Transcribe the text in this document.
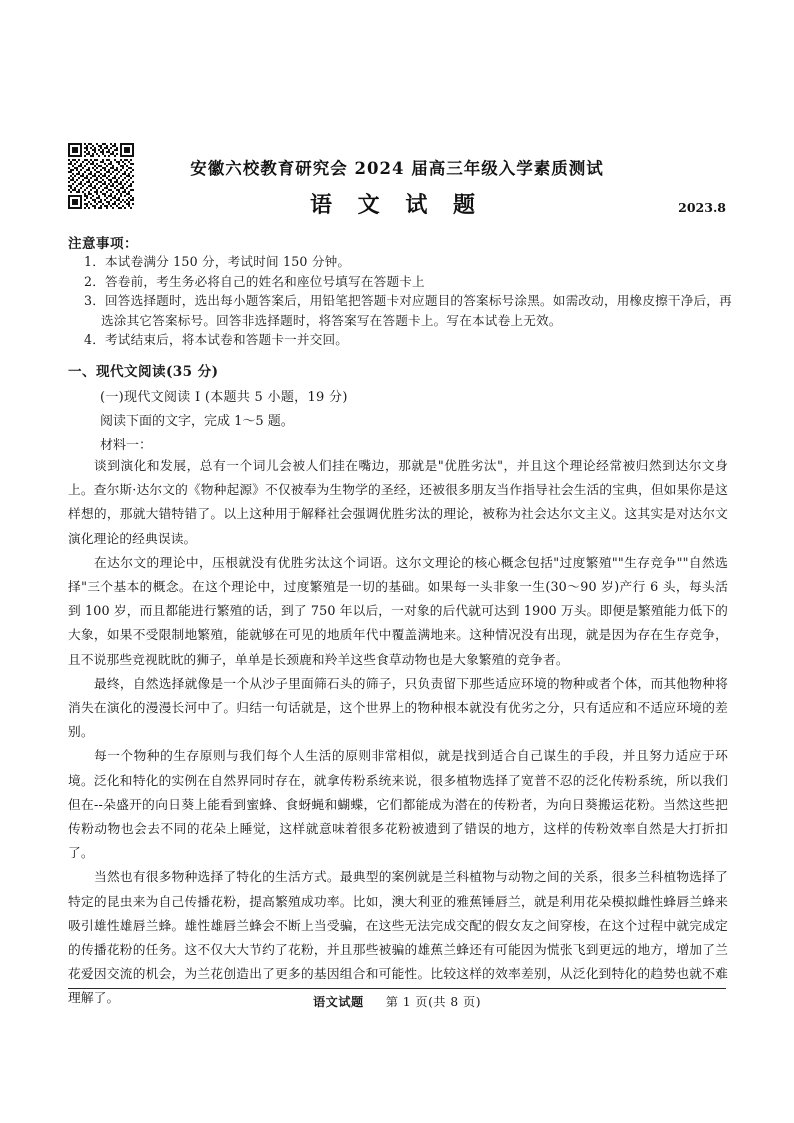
安徽六校教育研究会 2024 届高三年级入学素质测试
语 文 试 题	2023.8
注意事项：
1．本试卷满分 150 分，考试时间 150 分钟。
2．答卷前，考生务必将自己的姓名和座位号填写在答题卡上
3．回答选择题时，选出每小题答案后，用铅笔把答题卡对应题目的答案标号涂黑。如需改动，用橡皮擦干净后，再选涂其它答案标号。回答非选择题时，将答案写在答题卡上。写在本试卷上无效。
4．考试结束后，将本试卷和答题卡一并交回。
一、现代文阅读(35 分)
(一)现代文阅读 I (本题共 5 小题，19 分)
阅读下面的文字，完成 1～5 题。
材料一：

谈到演化和发展，总有一个词儿会被人们挂在嘴边，那就是"优胜劣汰"，并且这个理论经常被归然到达尔文身上。查尔斯·达尔文的《物种起源》不仅被奉为生物学的圣经，还被很多朋友当作指导社会生活的宝典，但如果你是这样想的，那就大错特错了。以上这种用于解释社会强调优胜劣汰的理论，被称为社会达尔文主义。这其实是对达尔文演化理论的经典误读。

在达尔文的理论中，压根就没有优胜劣汰这个词语。这尔文理论的核心概念包括"过度繁殖""生存竞争""自然选择"三个基本的概念。在这个理论中，过度繁殖是一切的基础。如果每一头非象一生(30～90 岁)产行 6 头，每头活到 100 岁，而且都能进行繁殖的话，到了 750 年以后，一对象的后代就可达到 1900 万头。即便是繁殖能力低下的大象，如果不受限制地繁殖，能就够在可见的地质年代中覆盖满地来。这种情况没有出现，就是因为存在生存竞争，且不说那些竞视眈眈的狮子，单单是长颈鹿和羚羊这些食草动物也是大象繁殖的竞争者。

最终，自然选择就像是一个从沙子里面筛石头的筛子，只负责留下那些适应环境的物种或者个体，而其他物种将消失在演化的漫漫长河中了。归结一句话就是，这个世界上的物种根本就没有优劣之分，只有适应和不适应环境的差别。

每一个物种的生存原则与我们每个人生活的原则非常相似，就是找到适合自己谋生的手段，并且努力适应于环境。泛化和特化的实例在自然界同时存在，就拿传粉系统来说，很多植物选择了宽普不忍的泛化传粉系统，所以我们但在--朵盛开的向日葵上能看到蜜蜂、食蚜蝇和蝴蝶，它们都能成为潜在的传粉者，为向日葵搬运花粉。当然这些把传粉动物也会去不同的花朵上睡觉，这样就意味着很多花粉被遗到了错误的地方，这样的传粉效率自然是大打折扣了。

当然也有很多物种选择了特化的生活方式。最典型的案例就是兰科植物与动物之间的关系，很多兰科植物选择了特定的昆虫来为自己传播花粉，提高繁殖成功率。比如，澳大利亚的雅蕉锤唇兰，就是利用花朵模拟雌性蜂唇兰蜂来吸引雄性雄唇兰蜂。雄性雄唇兰蜂会不断上当受骗，在这些无法完成交配的假女友之间穿梭，在这个过程中就完成定的传播花粉的任务。这不仅大大节约了花粉，并且那些被骗的雄蕉兰蜂还有可能因为慌张飞到更远的地方，增加了兰花爱因交流的机会，为兰花创造出了更多的基因组合和可能性。比较这样的效率差别，从泛化到特化的趋势也就不难理解了。	语文试题 第 1 页(共 8 页)
